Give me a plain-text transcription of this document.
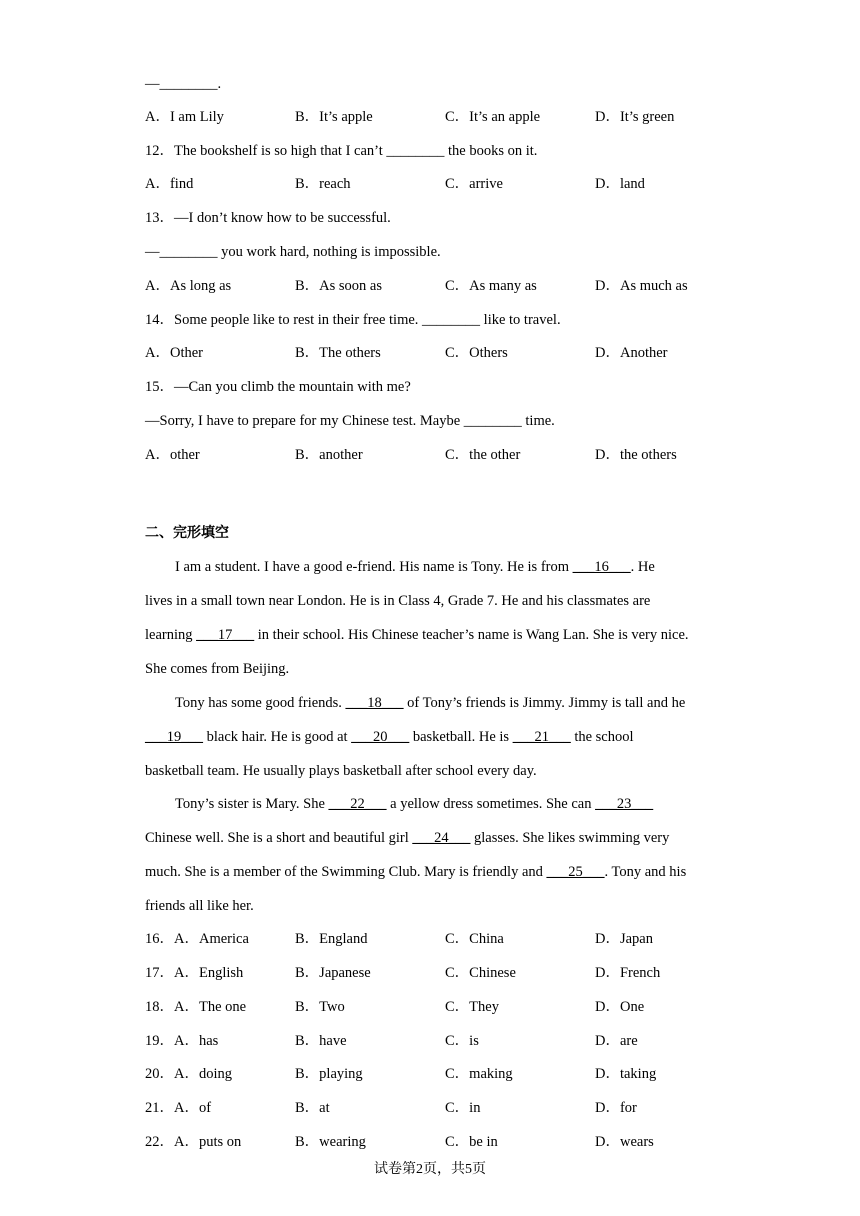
—________.
A．I am Lily	B．It’s apple	C．It’s an apple	D．It’s green
12．The bookshelf is so high that I can’t ________ the books on it.
A．find	B．reach	C．arrive	D．land
13．—I don’t know how to be successful.
—________ you work hard, nothing is impossible.
A．As long as	B．As soon as	C．As many as	D．As much as
14．Some people like to rest in their free time. ________ like to travel.
A．Other	B．The others	C．Others	D．Another
15．—Can you climb the mountain with me?
—Sorry, I have to prepare for my Chinese test. Maybe ________ time.
A．other	B．another	C．the other	D．the others
二、完形填空
I am a student. I have a good e-friend. His name is Tony. He is from ___16___. He
lives in a small town near London. He is in Class 4, Grade 7. He and his classmates are
learning ___17___ in their school. His Chinese teacher’s name is Wang Lan. She is very nice.
She comes from Beijing.
Tony has some good friends. ___18___ of Tony’s friends is Jimmy. Jimmy is tall and he
___19___ black hair. He is good at ___20___ basketball. He is ___21___ the school
basketball team. He usually plays basketball after school every day.
Tony’s sister is Mary. She ___22___ a yellow dress sometimes. She can ___23___
Chinese well. She is a short and beautiful girl ___24___ glasses. She likes swimming very
much. She is a member of the Swimming Club. Mary is friendly and ___25___. Tony and his
friends all like her.
16．A．America	B．England	C．China	D．Japan
17．A．English	B．Japanese	C．Chinese	D．French
18．A．The one	B．Two	C．They	D．One
19．A．has	B．have	C．is	D．are
20．A．doing	B．playing	C．making	D．taking
21．A．of	B．at	C．in	D．for
22．A．puts on	B．wearing	C．be in	D．wears
试卷第2页，共5页
